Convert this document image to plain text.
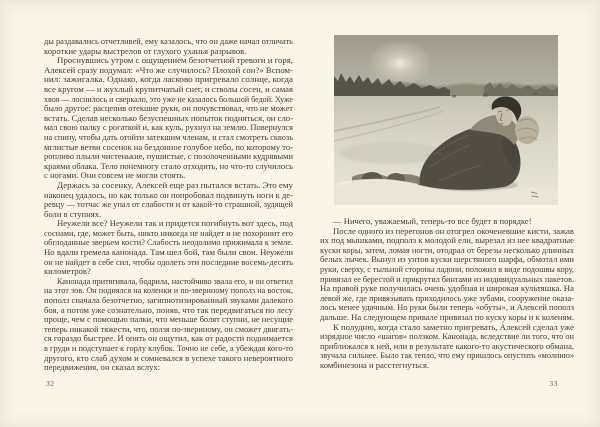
ды раздавались отчетливей, ему казалось, что он даже начал отличать
короткие удары выстрелов от глухого уханья разрывов.
Проснувшись утром с ощущением безотчетной тревоги и горя,
Алексей сразу подумал: «Что же случилось? Плохой сон?» Вспом-
нил: зажигалка. Однако, когда ласково пригревало солнце, когда
все кругом — и жухлый крупитчатый снег, и стволы сосен, и самая
хвоя — лоснилось и сверкало, это уже не казалось большой бедой. Хуже
было другое: расцепив отекшие руки, он почувствовал, что не может
встать. Сделав несколько безуспешных попыток подняться, он сло-
мал свою палку с рогаткой и, как куль, рухнул на землю. Повернулся
на спину, чтобы дать отойти затекшим членам, и стал смотреть сквозь
мглистые ветви сосенок на бездонное голубое небо, по которому то-
ропливо плыли чистенькие, пушистые, с позолоченными кудрявыми
краями облака. Тело понемногу стало отходить, но что-то случилось
с ногами. Они совсем не могли стоять.
Держась за сосенку, Алексей еще раз пытался встать. Это ему
наконец удалось, но как только он попробовал подвинуть ноги к де-
ревцу — тотчас же упал от слабости и от какой-то страшной, зудящей
боли в ступнях.
Неужели все? Неужели так и придется погибнуть вот здесь, под
соснами, где, может быть, никто никогда не найдет и не похоронит его
обглоданные зверьем кости? Слабость неодолимо прижимала к земле.
Но вдали гремела канонада. Там шел бой, там были свои. Неужели
он не найдет в себе сил, чтобы одолеть эти последние восемь-десять
километров?
Канонада притягивала, бодрила, настойчиво звала его, и он ответил
на этот зов. Он поднялся на коленки и по-звериному пополз на восток,
пополз сначала безотчетно, загипнотизированный звуками далекого
боя, а потом уже сознательно, поняв, что так передвигаться по лесу
проще, чем с помощью палки, что меньше болят ступни, не несущие
теперь никакой тяжести, что, ползя по-звериному, он сможет двигать-
ся гораздо быстрее. И опять он ощутил, как от радости поднимается
в груди и подступает к горлу клубок. Точно не себе, а убеждая кого-то
другого, кто слаб духом и сомневался в успехе такого невероятного
передвижения, он сказал вслух:
32
— Ничего, уважаемый, теперь-то все будет в порядке!
После одного из перегонов он отогрел окоченевшие кисти, зажав
их под мышками, подполз к молодой ели, вырезал из нее квадратные
куски коры, затем, ломая ногти, отодрал от березы несколько длинных
белых лычек. Вынул из унтов куски шерстяного шарфа, обмотал ими
руки, сверху, с тыльной стороны ладони, положил в виде подошвы кору,
привязал ее берестой и прикрутил бинтами из индивидуальных пакетов.
На правой руке получилась очень удобная и широкая культяшка. На
левой же, где привязывать приходилось уже зубами, сооружение оказа-
лось менее удачным. Но руки были теперь «обуты», и Алексей пополз
дальше. На следующем привале привязал по куску коры и к коленям.
К полудню, когда стало заметно пригревать, Алексей сделал уже
изрядное число «шагов» ползком. Канонада, вследствие ли того, что он
приближался к ней, или в результате какого-то акустического обмана,
звучала сильнее. Было так тепло, что ему пришлось опустить «молнию»
комбинезона и расстегнуться.
33
